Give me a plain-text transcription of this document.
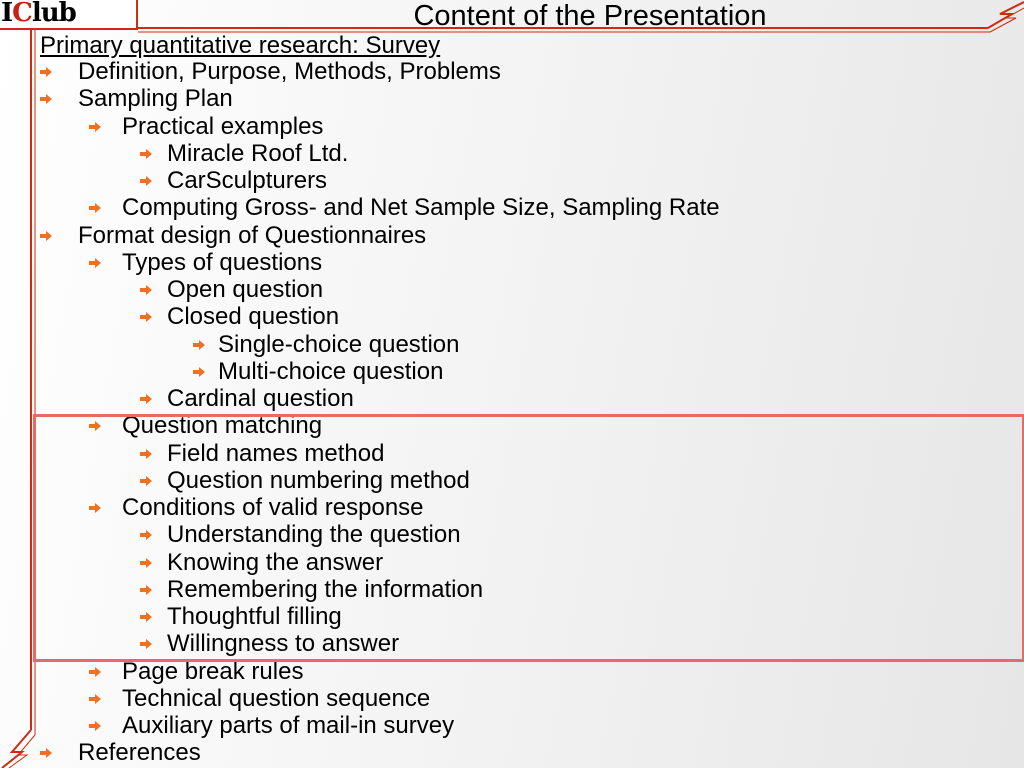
IClub	Content of the Presentation
Primary quantitative research: Survey
Definition, Purpose, Methods, Problems
Sampling Plan
Practical examples
Miracle Roof Ltd.
CarSculpturers
Computing Gross- and Net Sample Size, Sampling Rate
Format design of Questionnaires
Types of questions
Open question
Closed question
Single-choice question
Multi-choice question
Cardinal question
Question matching
Field names method
Question numbering method
Conditions of valid response
Understanding the question
Knowing the answer
Remembering the information
Thoughtful filling
Willingness to answer
Page break rules
Technical question sequence
Auxiliary parts of mail-in survey
References
